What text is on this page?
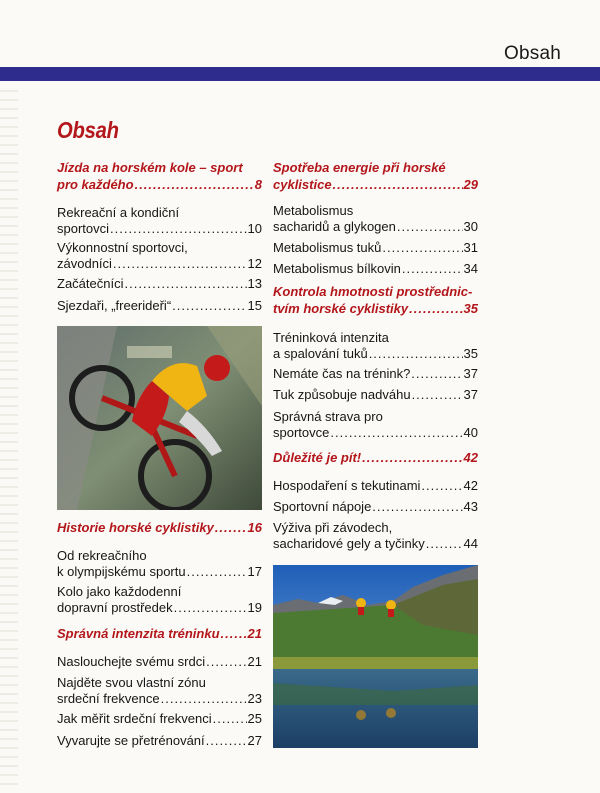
Obsah
Obsah
Jízda na horském kole – sport
pro každého .....	8
Rekreační a kondiční
sportovci .....	10
Výkonnostní sportovci,
závodníci .....	12
Začátečníci .....	13
Sjezdaři, „freerideři“ .....	15
Historie horské cyklistiky .....	16
Od rekreačního
k olympijskému sportu .....	17
Kolo jako každodenní
dopravní prostředek .....	19
Správná intenzita tréninku ..... 21
Naslouchejte svému srdci .....	21
Najděte svou vlastní zónu
srdeční frekvence .....	23
Jak měřit srdeční frekvenci .....	25
Vyvarujte se přetrénování .....	27
Spotřeba energie při horské
cyklistice .....	29
Metabolismus
sacharidů a glykogen .....	30
Metabolismus tuků .....	31
Metabolismus bílkovin .....	34
Kontrola hmotnosti prostřednic-
tvím horské cyklistiky .....	35
Tréninková intenzita
a spalování tuků .....	35
Nemáte čas na trénink? .....	37
Tuk způsobuje nadváhu .....	37
Správná strava pro
sportovce .....	40
Důležité je pít! .....	42
Hospodaření s tekutinami .....	42
Sportovní nápoje .....	43
Výživa při závodech,
sacharidové gely a tyčinky .....	44
